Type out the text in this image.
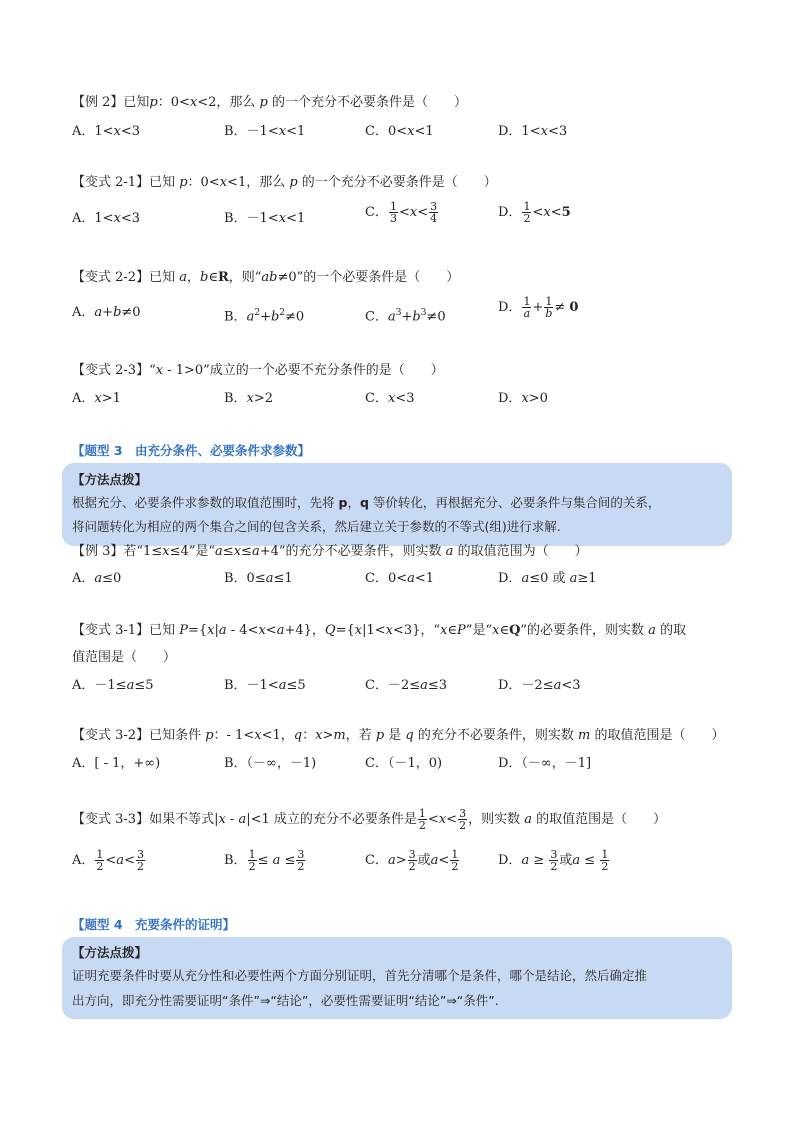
【例 2】已知p：0<x<2，那么 p 的一个充分不必要条件是（　　）
A．1<x<3	B．－1<x<1	C．0<x<1	D．1<x<3
【变式 2-1】已知 p：0<x<1，那么 p 的一个充分不必要条件是（　　）
A．1<x<3	B．－1<x<1	C． $\frac{1}{3} <x< \frac{3}{4}$	D． $\frac{1}{2} <x<5$
【变式 2-2】已知 a，b∈R，则“ab≠0”的一个必要条件是（　　）
A．a+b≠0	B．$a^2+b^2\ne 0$	C．$a^3+b^3\ne 0$
D． $\frac{1}{a} + \frac{1}{b} \ne 0$
【变式 2-3】“x - 1>0”成立的一个必要不充分条件的是（　　）
A．x>1	B．x>2	C．x<3	D．x>0
【题型 3　由充分条件、必要条件求参数】
【方法点拨】
根据充分、必要条件求参数的取值范围时，先将 p，q 等价转化，再根据充分、必要条件与集合间的关系，
将问题转化为相应的两个集合之间的包含关系，然后建立关于参数的不等式(组)进行求解.
【例 3】若“1≤x≤4”是“a≤x≤a+4”的充分不必要条件，则实数 a 的取值范围为（　　）
A．a≤0	B．0≤a≤1	C．0<a<1	D．a≤0 或 a≥1
【变式 3-1】已知 P={x|a - 4<x<a+4}，Q={x|1<x<3}，“x∈P”是“x∈Q”的必要条件，则实数 a 的取
值范围是（　　）
A．－1≤a≤5	B．－1<a≤5	C．－2≤a≤3	D．－2≤a<3
【变式 3-2】已知条件 p：- 1<x<1，q：x>m，若 p 是 q 的充分不必要条件，则实数 m 的取值范围是（　　）
A．[ - 1，+∞)	B．（－∞，－1)	C．（－1，0)	D．（－∞，－1]
【变式 3-3】如果不等式|x - a|<1 成立的充分不必要条件是 $\frac{1}{2} <x< \frac{3}{2}$ ，则实数 a 的取值范围是（　　）
A． $\frac{1}{2} <a< \frac{3}{2}$	B． $\frac{1}{2} \le a \le \frac{3}{2}$	C．$a> \frac{3}{2}$ 或$a< \frac{1}{2}$	D．$a \ge \frac{3}{2}$ 或$a \le \frac{1}{2}$
【题型 4　充要条件的证明】
【方法点拨】
证明充要条件时要从充分性和必要性两个方面分别证明，首先分清哪个是条件，哪个是结论，然后确定推
出方向，即充分性需要证明“条件”⇒“结论”，必要性需要证明“结论”⇒“条件”.
